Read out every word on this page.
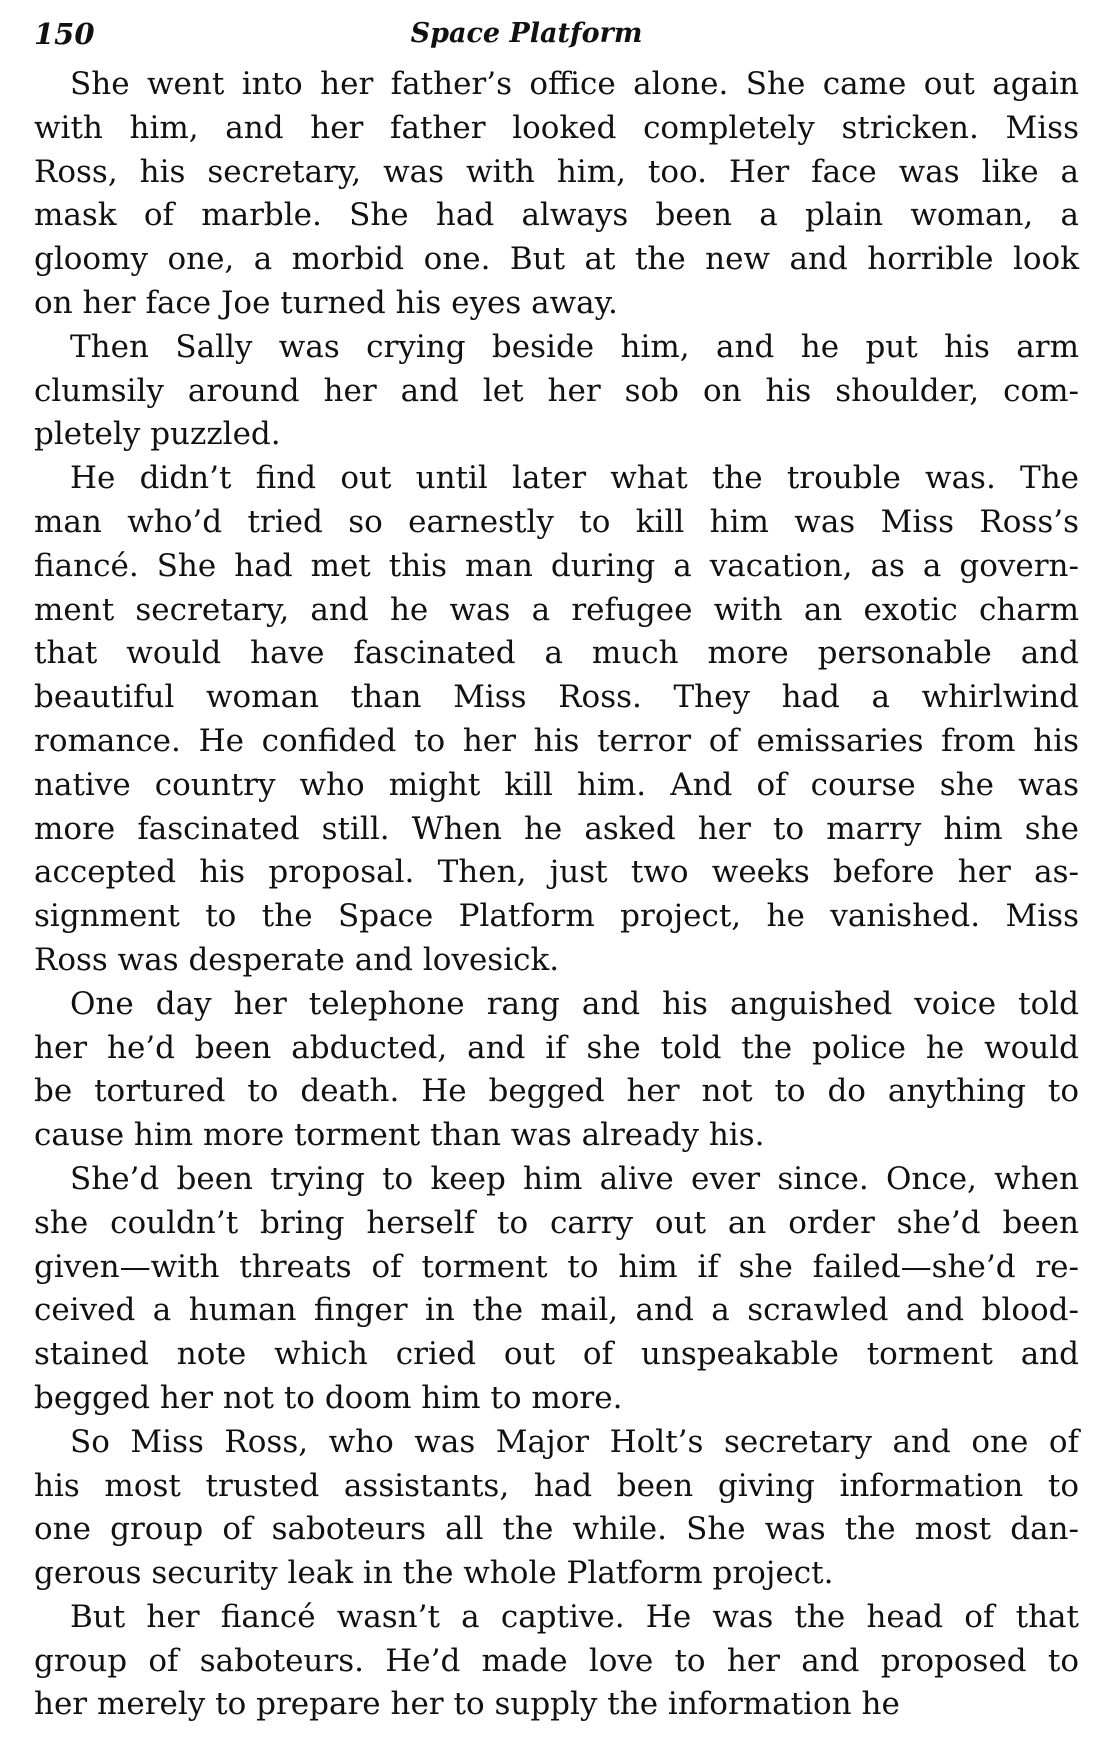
150	Space Platform
She went into her father’s office alone. She came out again
with him, and her father looked completely stricken. Miss
Ross, his secretary, was with him, too. Her face was like a
mask of marble. She had always been a plain woman, a
gloomy one, a morbid one. But at the new and horrible look
on her face Joe turned his eyes away.
Then Sally was crying beside him, and he put his arm
clumsily around her and let her sob on his shoulder, com-
pletely puzzled.
He didn’t find out until later what the trouble was. The
man who’d tried so earnestly to kill him was Miss Ross’s
fiancé. She had met this man during a vacation, as a govern-
ment secretary, and he was a refugee with an exotic charm
that would have fascinated a much more personable and
beautiful woman than Miss Ross. They had a whirlwind
romance. He confided to her his terror of emissaries from his
native country who might kill him. And of course she was
more fascinated still. When he asked her to marry him she
accepted his proposal. Then, just two weeks before her as-
signment to the Space Platform project, he vanished. Miss
Ross was desperate and lovesick.
One day her telephone rang and his anguished voice told
her he’d been abducted, and if she told the police he would
be tortured to death. He begged her not to do anything to
cause him more torment than was already his.
She’d been trying to keep him alive ever since. Once, when
she couldn’t bring herself to carry out an order she’d been
given—with threats of torment to him if she failed—she’d re-
ceived a human finger in the mail, and a scrawled and blood-
stained note which cried out of unspeakable torment and
begged her not to doom him to more.
So Miss Ross, who was Major Holt’s secretary and one of
his most trusted assistants, had been giving information to
one group of saboteurs all the while. She was the most dan-
gerous security leak in the whole Platform project.
But her fiancé wasn’t a captive. He was the head of that
group of saboteurs. He’d made love to her and proposed to
her merely to prepare her to supply the information he
